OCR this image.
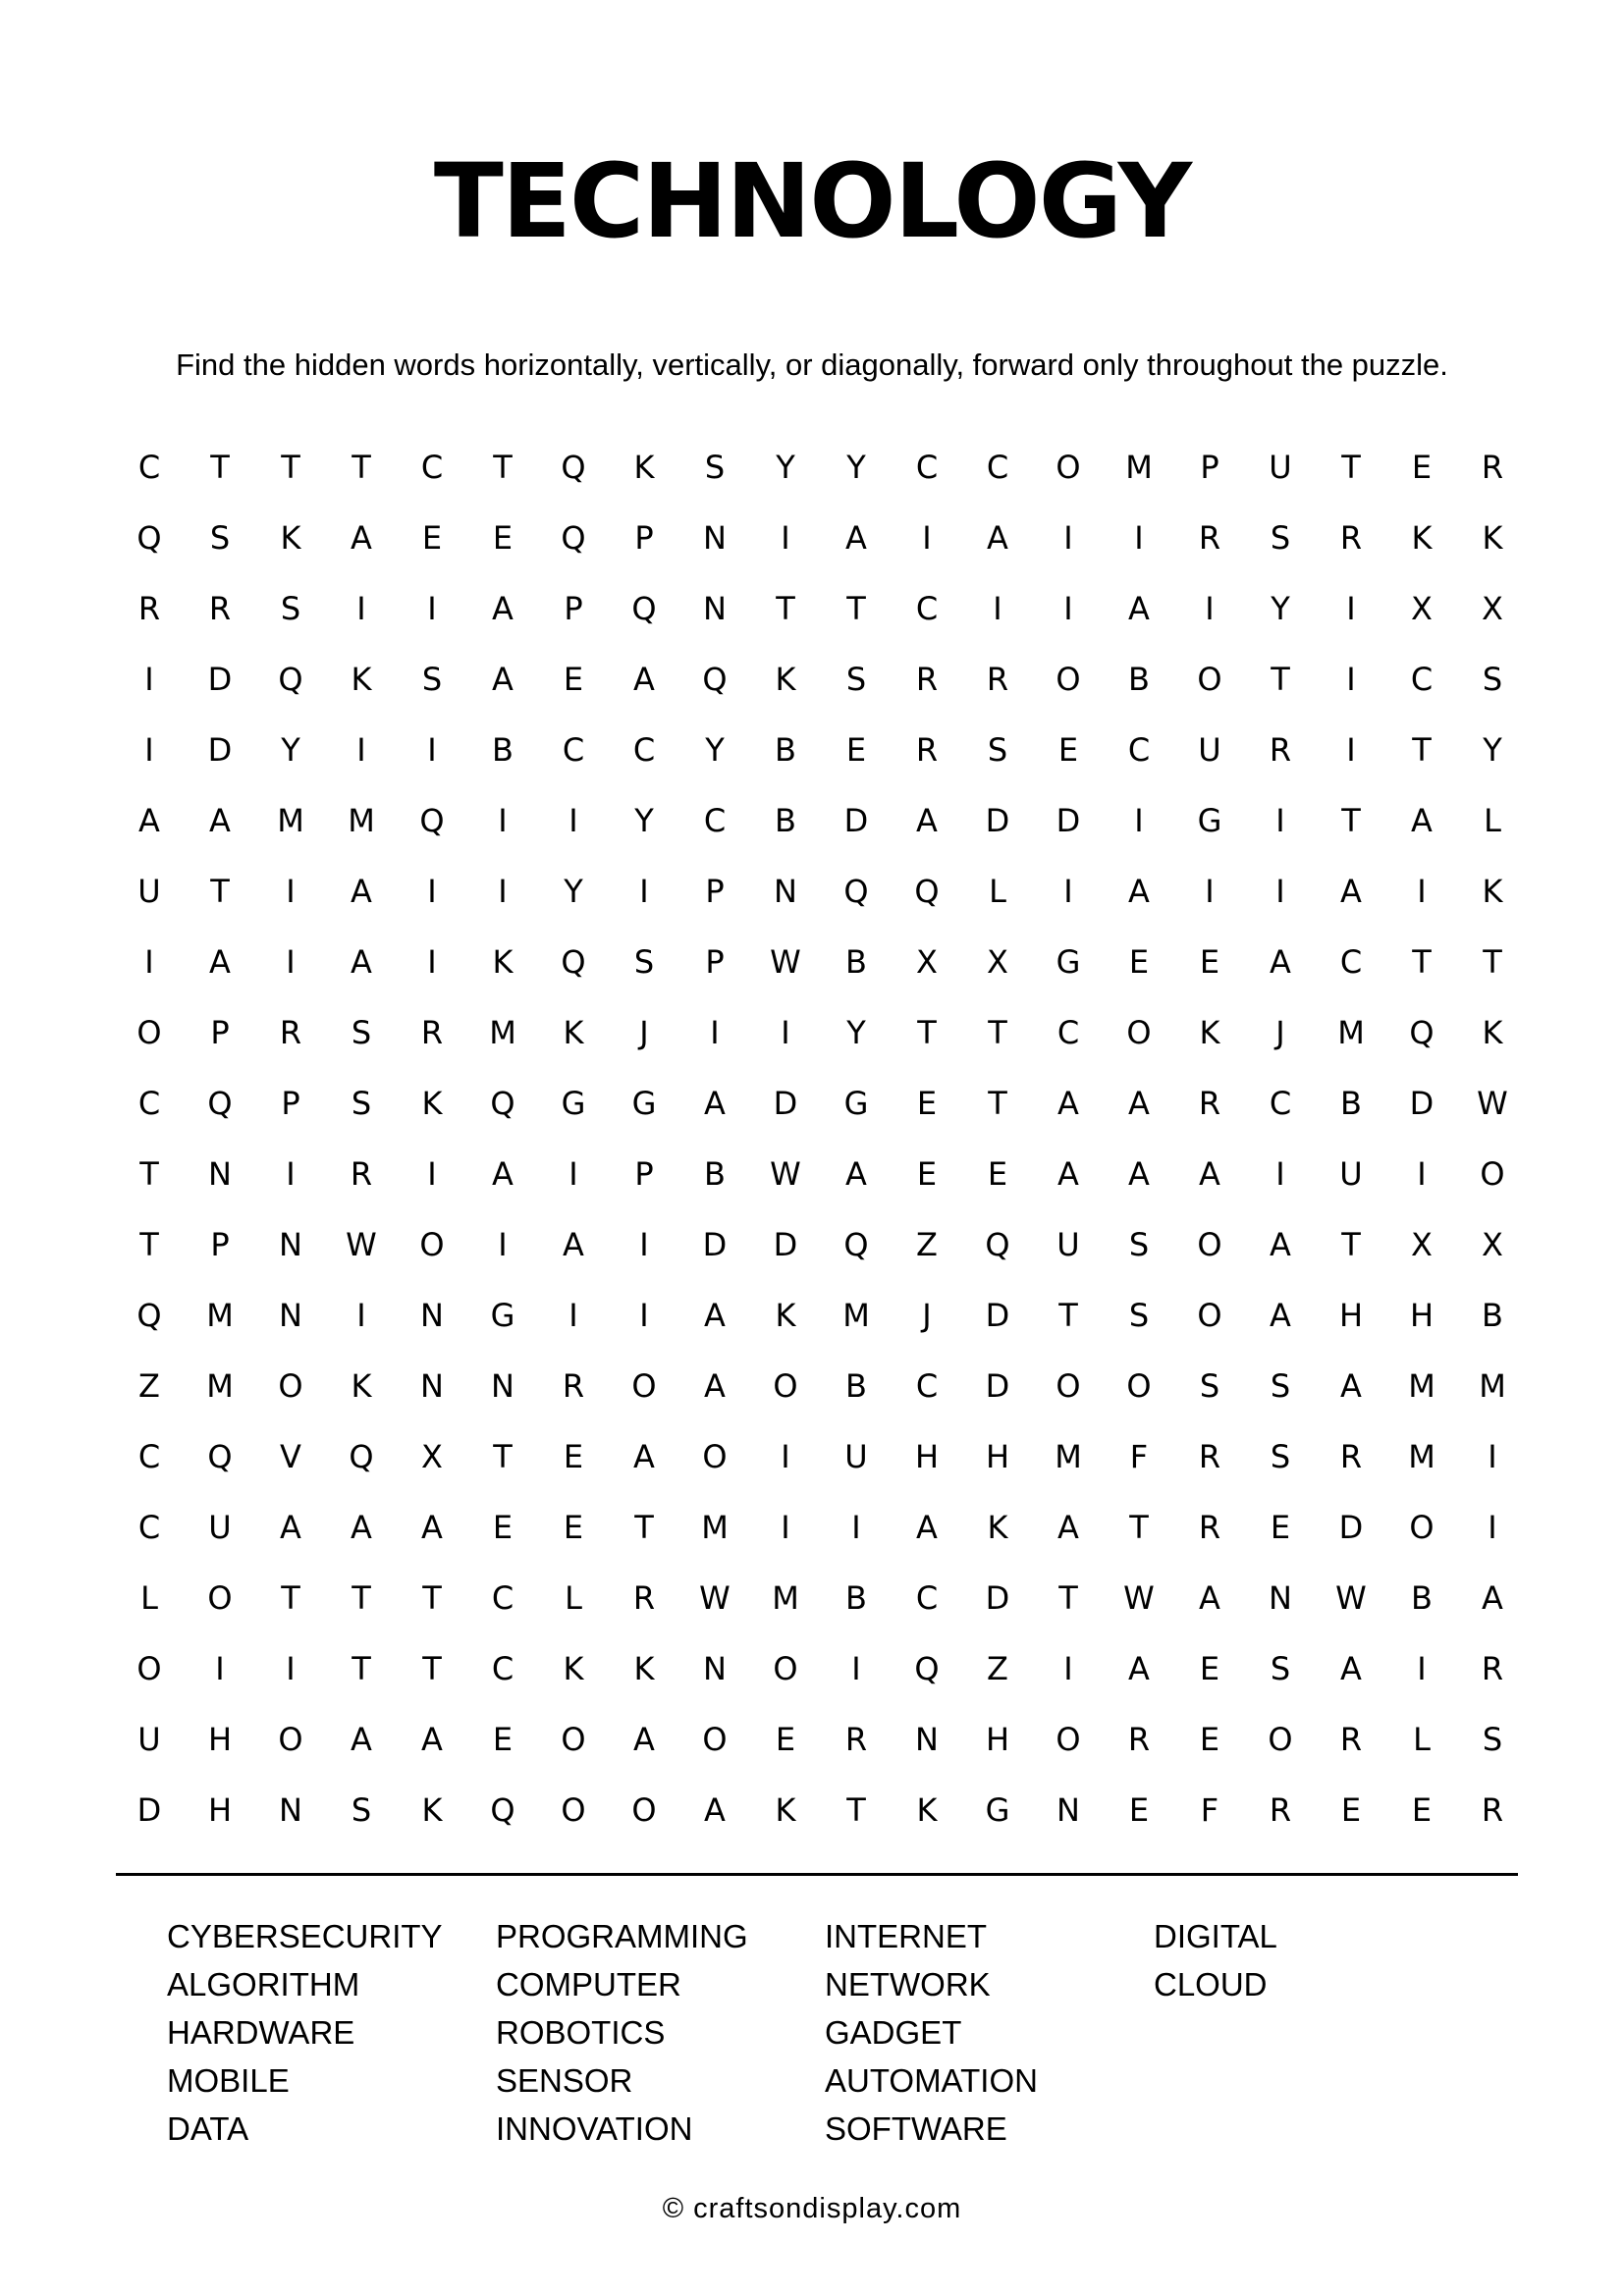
TECHNOLOGY
Find the hidden words horizontally, vertically, or diagonally, forward only throughout the puzzle.
C	T	T	T	C	T	Q	K	S	Y	Y	C	C	O	M	P	U	T	E	R
Q	S	K	A	E	E	Q	P	N	I	A	I	A	I	I	R	S	R	K	K
R	R	S	I	I	A	P	Q	N	T	T	C	I	I	A	I	Y	I	X	X
I	D	Q	K	S	A	E	A	Q	K	S	R	R	O	B	O	T	I	C	S
I	D	Y	I	I	B	C	C	Y	B	E	R	S	E	C	U	R	I	T	Y
A	A	M	M	Q	I	I	Y	C	B	D	A	D	D	I	G	I	T	A	L
U	T	I	A	I	I	Y	I	P	N	Q	Q	L	I	A	I	I	A	I	K
I	A	I	A	I	K	Q	S	P	W	B	X	X	G	E	E	A	C	T	T
O	P	R	S	R	M	K	J	I	I	Y	T	T	C	O	K	J	M	Q	K
C	Q	P	S	K	Q	G	G	A	D	G	E	T	A	A	R	C	B	D	W
T	N	I	R	I	A	I	P	B	W	A	E	E	A	A	A	I	U	I	O
T	P	N	W	O	I	A	I	D	D	Q	Z	Q	U	S	O	A	T	X	X
Q	M	N	I	N	G	I	I	A	K	M	J	D	T	S	O	A	H	H	B
Z	M	O	K	N	N	R	O	A	O	B	C	D	O	O	S	S	A	M	M
C	Q	V	Q	X	T	E	A	O	I	U	H	H	M	F	R	S	R	M	I
C	U	A	A	A	E	E	T	M	I	I	A	K	A	T	R	E	D	O	I
L	O	T	T	T	C	L	R	W	M	B	C	D	T	W	A	N	W	B	A
O	I	I	T	T	C	K	K	N	O	I	Q	Z	I	A	E	S	A	I	R
U	H	O	A	A	E	O	A	O	E	R	N	H	O	R	E	O	R	L	S
D	H	N	S	K	Q	O	O	A	K	T	K	G	N	E	F	R	E	E	R
CYBERSECURITY
ALGORITHM
HARDWARE
MOBILE
DATA
PROGRAMMING
COMPUTER
ROBOTICS
SENSOR
INNOVATION
INTERNET
NETWORK
GADGET
AUTOMATION
SOFTWARE
DIGITAL
CLOUD
© craftsondisplay.com
